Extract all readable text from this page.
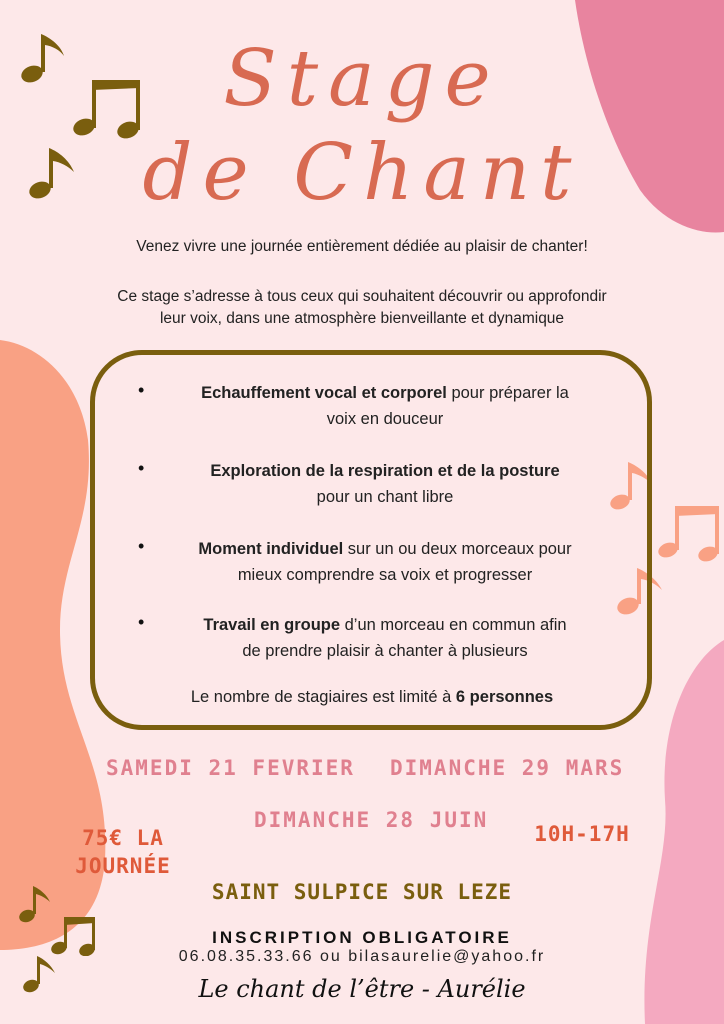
Stage
de Chant
Venez vivre une journée entièrement dédiée au plaisir de chanter!
Ce stage s’adresse à tous ceux qui souhaitent découvrir ou approfondir
leur voix, dans une atmosphère bienveillante et dynamique
•	Echauffement vocal et corporel pour préparer la
voix en douceur
•	Exploration de la respiration et de la posture
pour un chant libre
•	Moment individuel sur un ou deux morceaux pour
mieux comprendre sa voix et progresser
•	Travail en groupe d’un morceau en commun afin
de prendre plaisir à chanter à plusieurs
Le nombre de stagiaires est limité à 6 personnes
SAMEDI 21 FEVRIER DIMANCHE 29 MARS
DIMANCHE 28 JUIN
75€ LA
JOURNÉE
10H-17H
SAINT SULPICE SUR LEZE
INSCRIPTION OBLIGATOIRE
06.08.35.33.66 ou bilasaurelie@yahoo.fr
Le chant de l’être - Aurélie
